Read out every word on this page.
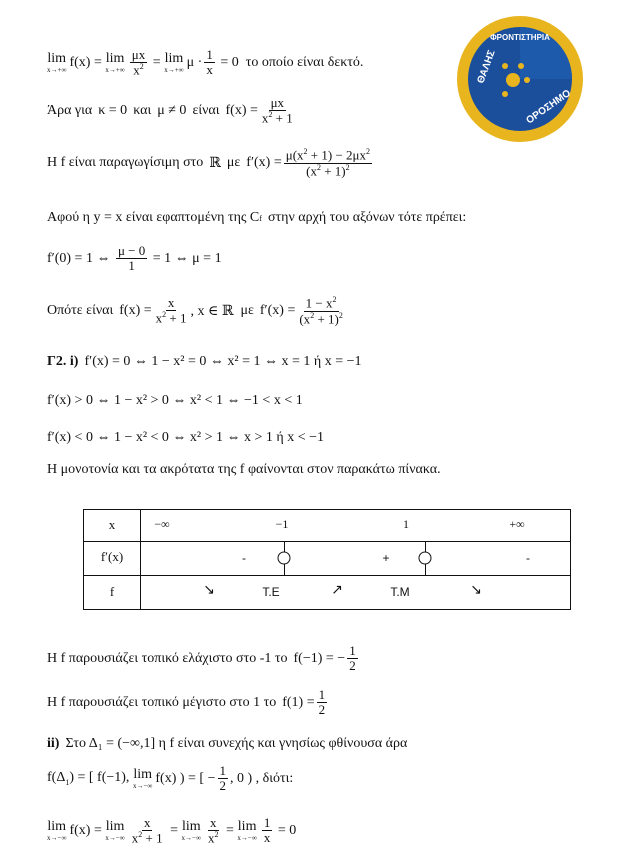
ΦΡΟΝΤΙΣΤΗΡΙΑ
ΘΑΛΗΣ
ΟΡΟΣΗΜΟ
lim
x→+∞ f(x) = lim
$x\to+\infty \frac{\mu x}{x^2} = \lim$
x→+∞ $\mu \cdot \frac{1}{x} = 0$ το οποίο είναι δεκτό.
Άρα για κ = 0 και μ ≠ 0 είναι $f(x) = \frac{\mu x}{x^2 + 1}$
Η f είναι παραγωγίσιμη στο ℝ με $f'(x) = \frac{\mu(x^2 + 1) - 2\mu x^2}{(x^2 + 1)^2}$
Αφού η y = x είναι εφαπτομένη της C f στην αρχή του αξόνων τότε πρέπει:
f′(0) = 1 ⇔ $\frac{\mu - 0}{1} = 1$ ⇔ μ = 1
Οπότε είναι $f(x) = \frac{x}{x^2 + 1}$ , x ∈ ℝ με $f'(x) = \frac{1 - x^2}{(x^2 + 1)^2}$
Γ2. i) f′(x) = 0 ⇔ 1 − x² = 0 ⇔ x² = 1 ⇔ x = 1 ή x = −1
f′(x) > 0 ⇔ 1 − x² > 0 ⇔ x² < 1 ⇔ −1 < x < 1
f′(x) < 0 ⇔ 1 − x² < 0 ⇔ x² > 1 ⇔ x > 1 ή x < −1
Η μονοτονία και τα ακρότατα της f φαίνονται στον παρακάτω πίνακα.
x	−∞	−1	1	+∞
f′(x)	-	+	-
f	↘	Τ.Ε	↗	Τ.Μ	↘
Η f παρουσιάζει τοπικό ελάχιστο στο -1 το f(−1) = − $\frac{1}{2}$
Η f παρουσιάζει τοπικό μέγιστο στο 1 το $f(1) = \frac{1}{2}$
ii) Στο Δ₁ = (−∞,1] η f είναι συνεχής και γνησίως φθίνουσα άρα
$f(\Delta_1)$ = [ f(−1), lim
x→−∞ f(x) ) = [ − $\frac{1}{2}$ , 0 ) , διότι:
lim
x→−∞ f(x) = lim
$x\to-\infty \frac{x}{x^2 + 1} = \lim$
$x\to-\infty \frac{x}{x^2} = \lim$
$x\to-\infty \frac{1}{x} = 0$
